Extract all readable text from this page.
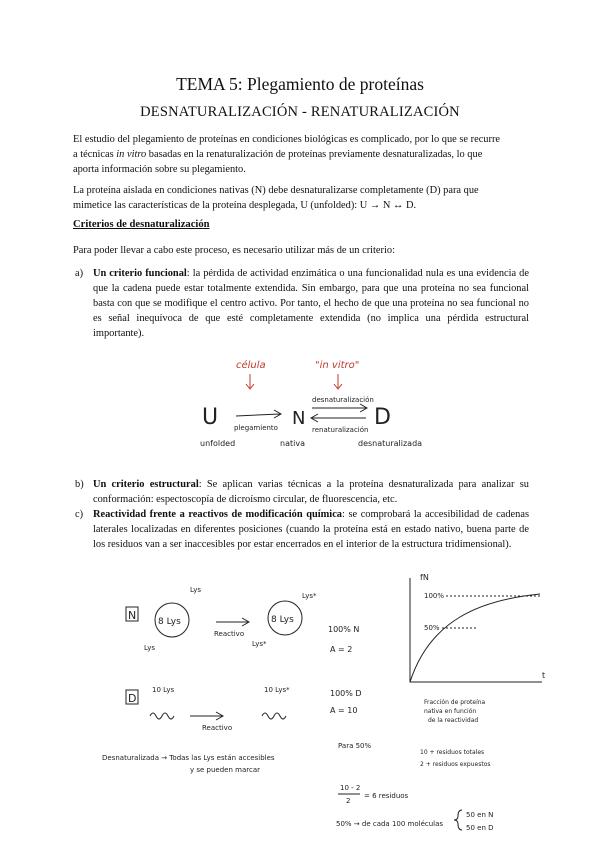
TEMA 5: Plegamiento de proteínas
DESNATURALIZACIÓN - RENATURALIZACIÓN
El estudio del plegamiento de proteínas en condiciones biológicas es complicado, por lo que se recurre
a técnicas in vitro basadas en la renaturalización de proteínas previamente desnaturalizadas, lo que
aporta información sobre su plegamiento.
La proteína aislada en condiciones nativas (N) debe desnaturalizarse completamente (D) para que
mimetice las características de la proteína desplegada, U (unfolded): U → N ↔ D.
Criterios de desnaturalización
Para poder llevar a cabo este proceso, es necesario utilizar más de un criterio:
a) Un criterio funcional: la pérdida de actividad enzimática o una funcionalidad nula es una evidencia de que la cadena puede estar totalmente extendida. Sin embargo, para que una proteína no sea funcional basta con que se modifique el centro activo. Por tanto, el hecho de que una proteína no sea funcional no es señal inequívoca de que esté completamente extendida (no implica una pérdida estructural importante).
célula	"in vitro"
U plegamiento N
desnaturalización
renaturalización D
unfolded	nativa	desnaturalizada
b) Un criterio estructural: Se aplican varias técnicas a la proteína desnaturalizada para analizar su conformación: espectoscopía de dicroísmo circular, de fluorescencia, etc.
c) Reactividad frente a reactivos de modificación química: se comprobará la accesibilidad de cadenas laterales localizadas en diferentes posiciones (cuando la proteína está en estado nativo, buena parte de los residuos van a ser inaccesibles por estar encerrados en el interior de la estructura tridimensional).
N 8 Lys
Lys
Lys
Reactivo
8 Lys
Lys*
Lys*
100% N
A = 2
D
10 Lys
Reactivo
10 Lys*	100% D
A = 10
fN
100%
50%
t
Fracción de proteína
nativa en función
de la reactividad
Desnaturalizada → Todas las Lys están accesibles
y se pueden marcar
Para 50%
10 + residuos totales
2 + residuos expuestos
10 - 2
2
= 6 residuos
50% → de cada 100 moléculas
50 en N
50 en D
